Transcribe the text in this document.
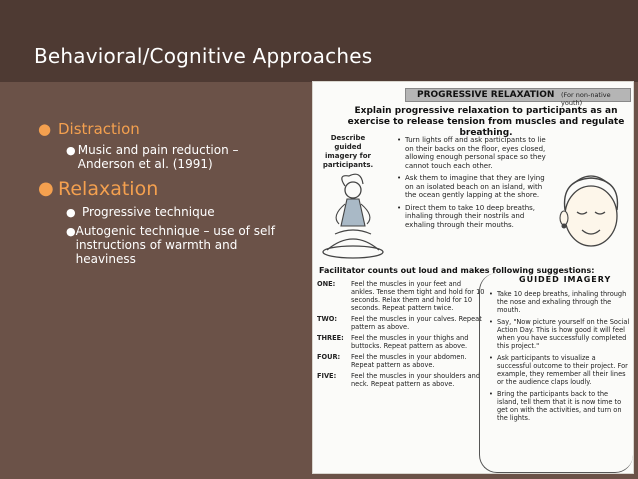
Behavioral/Cognitive Approaches
● Distraction
● Music and pain reduction – Anderson et al. (1991)
● Relaxation
● Progressive technique
● Autogenic technique – use of self instructions of warmth and heaviness
PROGRESSIVE RELAXATION (For non-native youth)
Explain progressive relaxation to participants as an exercise to release tension from muscles and regulate breathing.
Describe guided imagery for participants.
• Turn lights off and ask participants to lie on their backs on the floor, eyes closed, allowing enough personal space so they cannot touch each other.
• Ask them to imagine that they are lying on an isolated beach on an island, with the ocean gently lapping at the shore.
• Direct them to take 10 deep breaths, inhaling through their nostrils and exhaling through their mouths.
Facilitator counts out loud and makes following suggestions:
ONE:	Feel the muscles in your feet and ankles. Tense them tight and hold for 10 seconds. Relax them and hold for 10 seconds. Repeat pattern twice.
TWO:	Feel the muscles in your calves. Repeat pattern as above.
THREE:	Feel the muscles in your thighs and buttocks. Repeat pattern as above.
FOUR:	Feel the muscles in your abdomen. Repeat pattern as above.
FIVE:	Feel the muscles in your shoulders and neck. Repeat pattern as above.
GUIDED IMAGERY
• Take 10 deep breaths, inhaling through the nose and exhaling through the mouth.
• Say, "Now picture yourself on the Social Action Day. This is how good it will feel when you have successfully completed this project."
• Ask participants to visualize a successful outcome to their project. For example, they remember all their lines or the audience claps loudly.
• Bring the participants back to the island, tell them that it is now time to get on with the activities, and turn on the lights.
